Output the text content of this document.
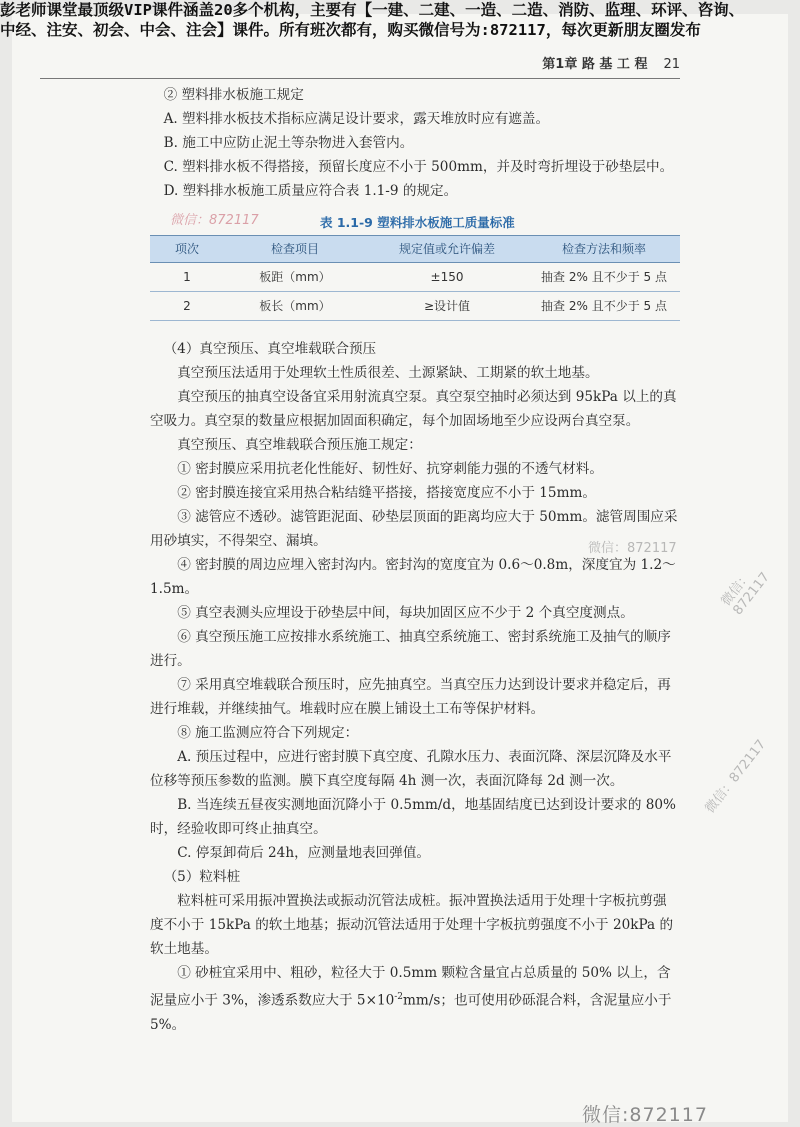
彭老师课堂最顶级VIP课件涵盖20多个机构，主要有【一建、二建、一造、二造、消防、监理、环评、咨询、
中经、注安、初会、中会、注会】课件。所有班次都有，购买微信号为:872117，每次更新朋友圈发布
第1章 路 基 工 程 21

② 塑料排水板施工规定

A. 塑料排水板技术指标应满足设计要求，露天堆放时应有遮盖。

B. 施工中应防止泥土等杂物进入套管内。

C. 塑料排水板不得搭接，预留长度应不小于 500mm，并及时弯折埋设于砂垫层中。

D. 塑料排水板施工质量应符合表 1.1-9 的规定。

微信：872117	表 1.1-9 塑料排水板施工质量标准
项次	检查项目	规定值或允许偏差	检查方法和频率
1	板距（mm）	±150	抽查 2% 且不少于 5 点
2	板长（mm）	≥设计值	抽查 2% 且不少于 5 点

（4）真空预压、真空堆载联合预压

真空预压法适用于处理软土性质很差、土源紧缺、工期紧的软土地基。

真空预压的抽真空设备宜采用射流真空泵。真空泵空抽时必须达到 95kPa 以上的真空吸力。真空泵的数量应根据加固面积确定，每个加固场地至少应设两台真空泵。

真空预压、真空堆载联合预压施工规定：

① 密封膜应采用抗老化性能好、韧性好、抗穿刺能力强的不透气材料。

② 密封膜连接宜采用热合粘结缝平搭接，搭接宽度应不小于 15mm。

③ 滤管应不透砂。滤管距泥面、砂垫层顶面的距离均应大于 50mm。滤管周围应采用砂填实，不得架空、漏填。

④ 密封膜的周边应埋入密封沟内。密封沟的宽度宜为 0.6～0.8m，深度宜为 1.2～1.5m。

⑤ 真空表测头应埋设于砂垫层中间，每块加固区应不少于 2 个真空度测点。

⑥ 真空预压施工应按排水系统施工、抽真空系统施工、密封系统施工及抽气的顺序进行。

⑦ 采用真空堆载联合预压时，应先抽真空。当真空压力达到设计要求并稳定后，再进行堆载，并继续抽气。堆载时应在膜上铺设土工布等保护材料。

⑧ 施工监测应符合下列规定：

A. 预压过程中，应进行密封膜下真空度、孔隙水压力、表面沉降、深层沉降及水平位移等预压参数的监测。膜下真空度每隔 4h 测一次，表面沉降每 2d 测一次。

B. 当连续五昼夜实测地面沉降小于 0.5mm/d，地基固结度已达到设计要求的 80% 时，经验收即可终止抽真空。

C. 停泵卸荷后 24h，应测量地表回弹值。

（5）粒料桩

粒料桩可采用振冲置换法或振动沉管法成桩。振冲置换法适用于处理十字板抗剪强度不小于 15kPa 的软土地基；振动沉管法适用于处理十字板抗剪强度不小于 20kPa 的软土地基。

① 砂桩宜采用中、粗砂，粒径大于 0.5mm 颗粒含量宜占总质量的 50% 以上，含泥量应小于 3%，渗透系数应大于 $5\times 10^{-2}mm/s$；也可使用砂砾混合料，含泥量应小于 5%。

微信：872117
微信：872117
微信：872117
微信:872117
